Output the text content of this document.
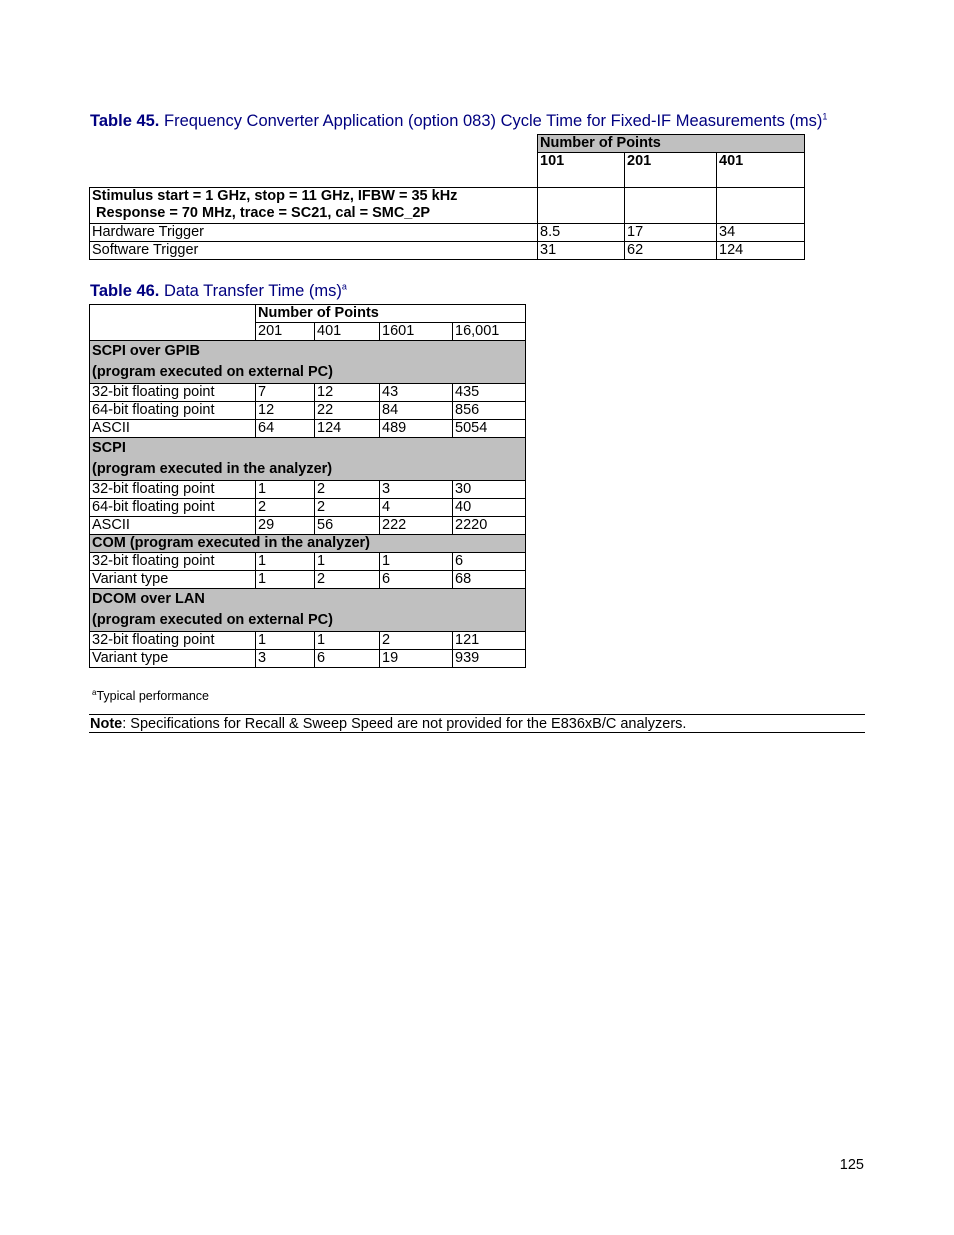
Table 45. Frequency Converter Application (option 083) Cycle Time for Fixed-IF Measurements (ms)$^1$
	Number of Points		
	101	201	401

Stimulus start = 1 GHz, stop = 11 GHz, IFBW = 35 kHz
Response = 70 MHz, trace = SC21, cal = SMC_2P			

Hardware Trigger	8.5	17	34
Software Trigger	31	62	124
Table 46. Data Transfer Time (ms)$^a$
	Number of Points			
	201	401	1601	16,001

SCPI over GPIB
(program executed on external PC)				

32-bit floating point	7	12	43	435
64-bit floating point	12	22	84	856
ASCII	64	124	489	5054

SCPI
(program executed in the analyzer)				

32-bit floating point	1	2	3	30
64-bit floating point	2	2	4	40
ASCII	29	56	222	2220
COM (program executed in the analyzer)				
32-bit floating point	1	1	1	6
Variant type	1	2	6	68

DCOM over LAN
(program executed on external PC)				

32-bit floating point	1	1	2	121
Variant type	3	6	19	939
$^a$Typical performance
Note: Specifications for Recall & Sweep Speed are not provided for the E836xB/C analyzers.
125
